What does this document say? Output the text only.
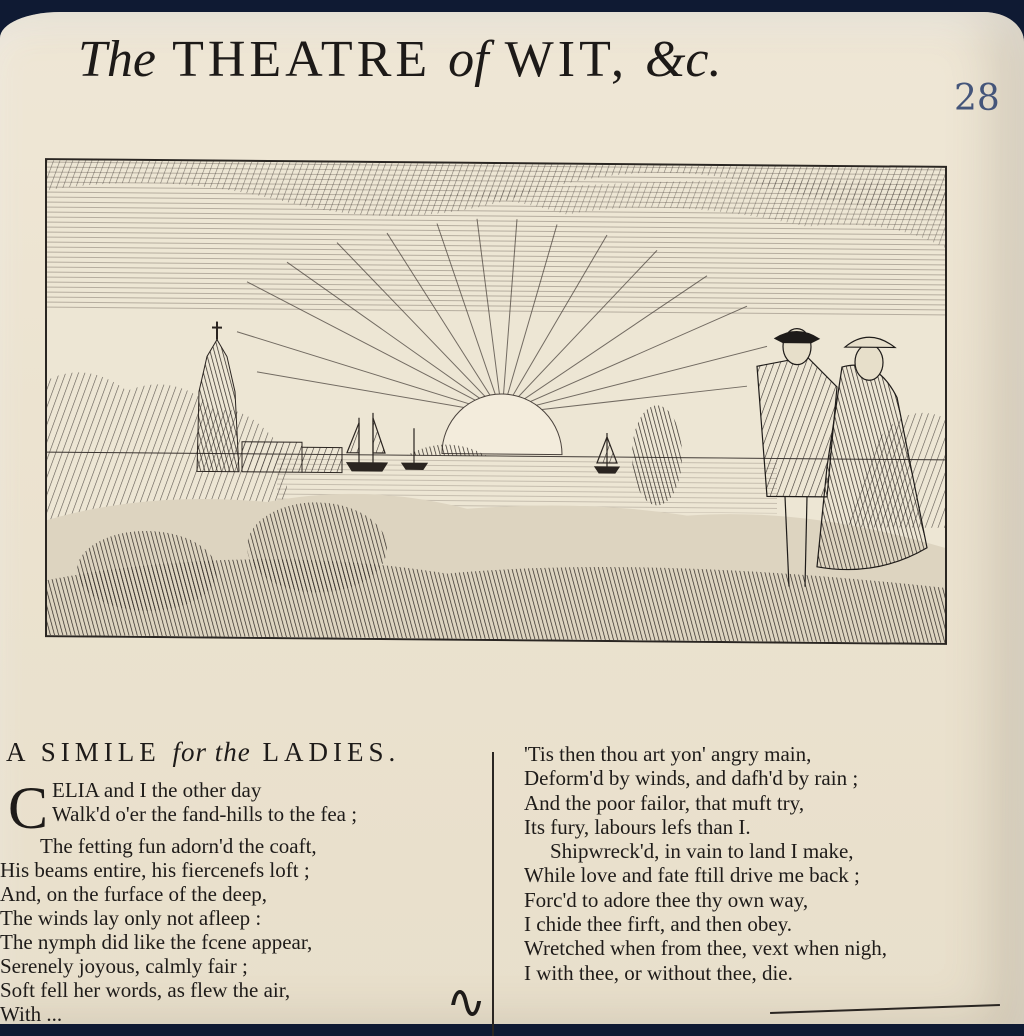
The THEATRE of WIT, &c.
28
A SIMILE for the LADIES.
C ELIA and I the other day
Walk'd o'er the fand-hills to the fea ;
The fetting fun adorn'd the coaft,
His beams entire, his fiercenefs loft ;
And, on the furface of the deep,
The winds lay only not afleep :
The nymph did like the fcene appear,
Serenely joyous, calmly fair ;
Soft fell her words, as flew the air,
With ...	∿
'Tis then thou art yon' angry main,
Deform'd by winds, and dafh'd by rain ;
And the poor failor, that muft try,
Its fury, labours lefs than I.
Shipwreck'd, in vain to land I make,
While love and fate ftill drive me back ;
Forc'd to adore thee thy own way,
I chide thee firft, and then obey.
Wretched when from thee, vext when nigh,
I with thee, or without thee, die.
